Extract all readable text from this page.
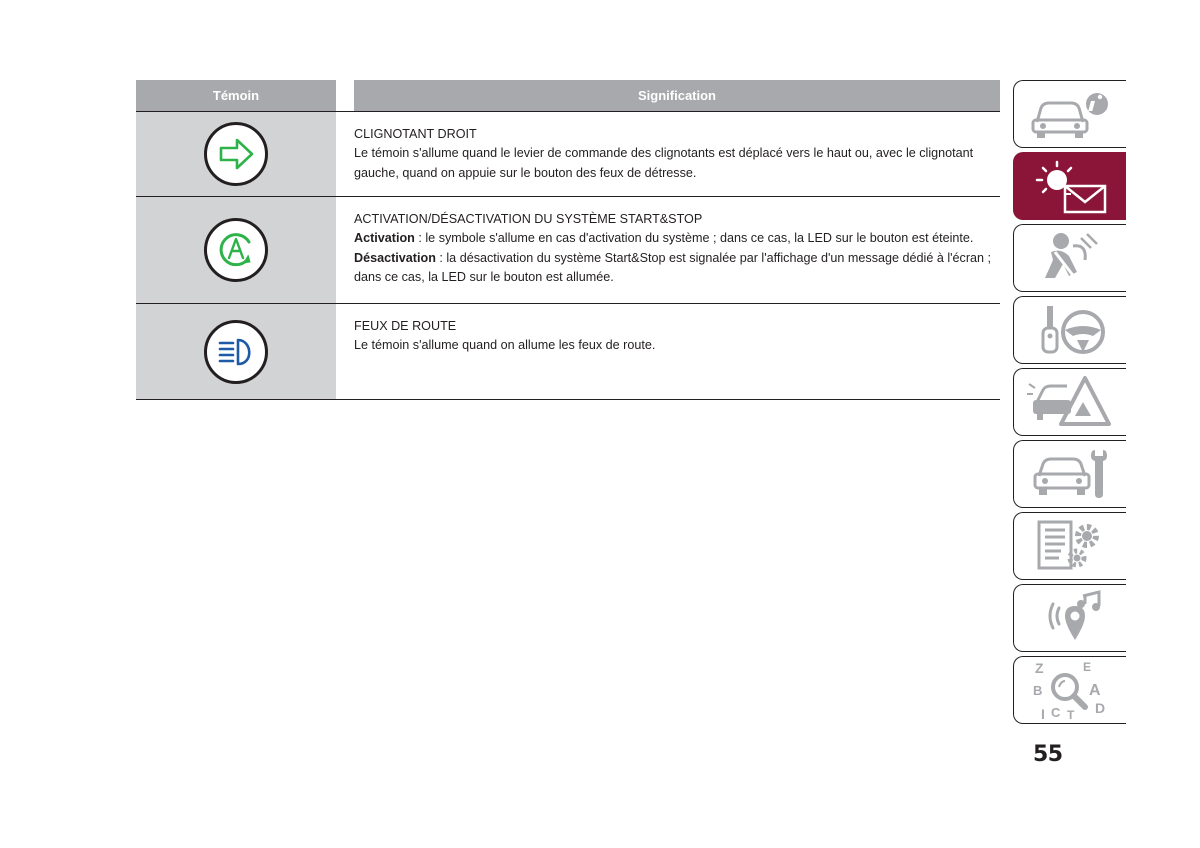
Témoin	Signification

CLIGNOTANT DROIT

Le témoin s'allume quand le levier de commande des clignotants est déplacé vers le haut ou, avec le clignotant gauche, quand on appuie sur le bouton des feux de détresse.

ACTIVATION/DÉSACTIVATION DU SYSTÈME START&STOP

Activation : le symbole s'allume en cas d'activation du système ; dans ce cas, la LED sur le bouton est éteinte.

Désactivation : la désactivation du système Start&Stop est signalée par l'affichage d'un message dédié à l'écran ; dans ce cas, la LED sur le bouton est allumée.

FEUX DE ROUTE

Le témoin s'allume quand on allume les feux de route.

Z	E
B	A
C T D
I
55
